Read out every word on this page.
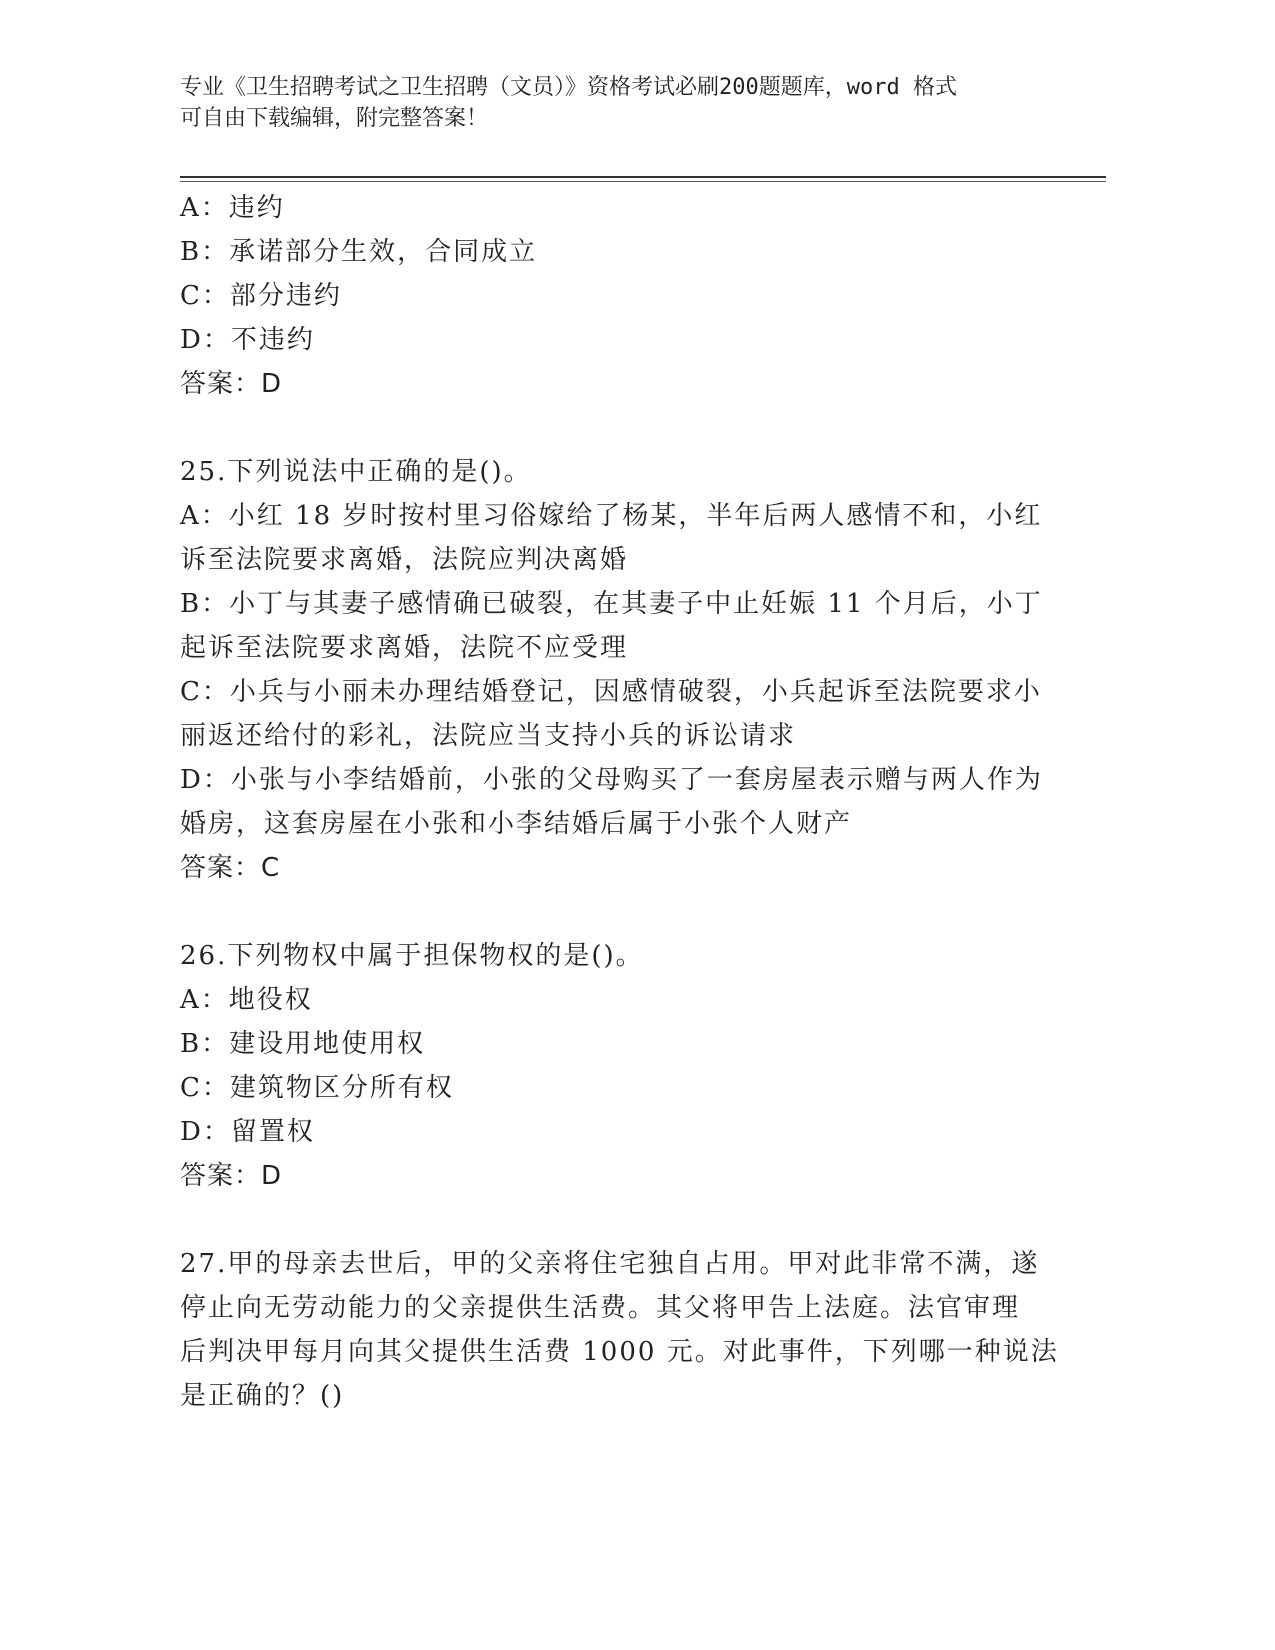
专业《卫生招聘考试之卫生招聘（文员）》资格考试必刷200题题库，word 格式
可自由下载编辑，附完整答案！
A：违约
B：承诺部分生效，合同成立
C：部分违约
D：不违约
答案：D
25.下列说法中正确的是()。
A：小红 18 岁时按村里习俗嫁给了杨某，半年后两人感情不和，小红
诉至法院要求离婚，法院应判决离婚
B：小丁与其妻子感情确已破裂，在其妻子中止妊娠 11 个月后，小丁
起诉至法院要求离婚，法院不应受理
C：小兵与小丽未办理结婚登记，因感情破裂，小兵起诉至法院要求小
丽返还给付的彩礼，法院应当支持小兵的诉讼请求
D：小张与小李结婚前，小张的父母购买了一套房屋表示赠与两人作为
婚房，这套房屋在小张和小李结婚后属于小张个人财产
答案：C
26.下列物权中属于担保物权的是()。
A：地役权
B：建设用地使用权
C：建筑物区分所有权
D：留置权
答案：D
27.甲的母亲去世后，甲的父亲将住宅独自占用。甲对此非常不满，遂
停止向无劳动能力的父亲提供生活费。其父将甲告上法庭。法官审理
后判决甲每月向其父提供生活费 1000 元。对此事件，下列哪一种说法
是正确的？()
